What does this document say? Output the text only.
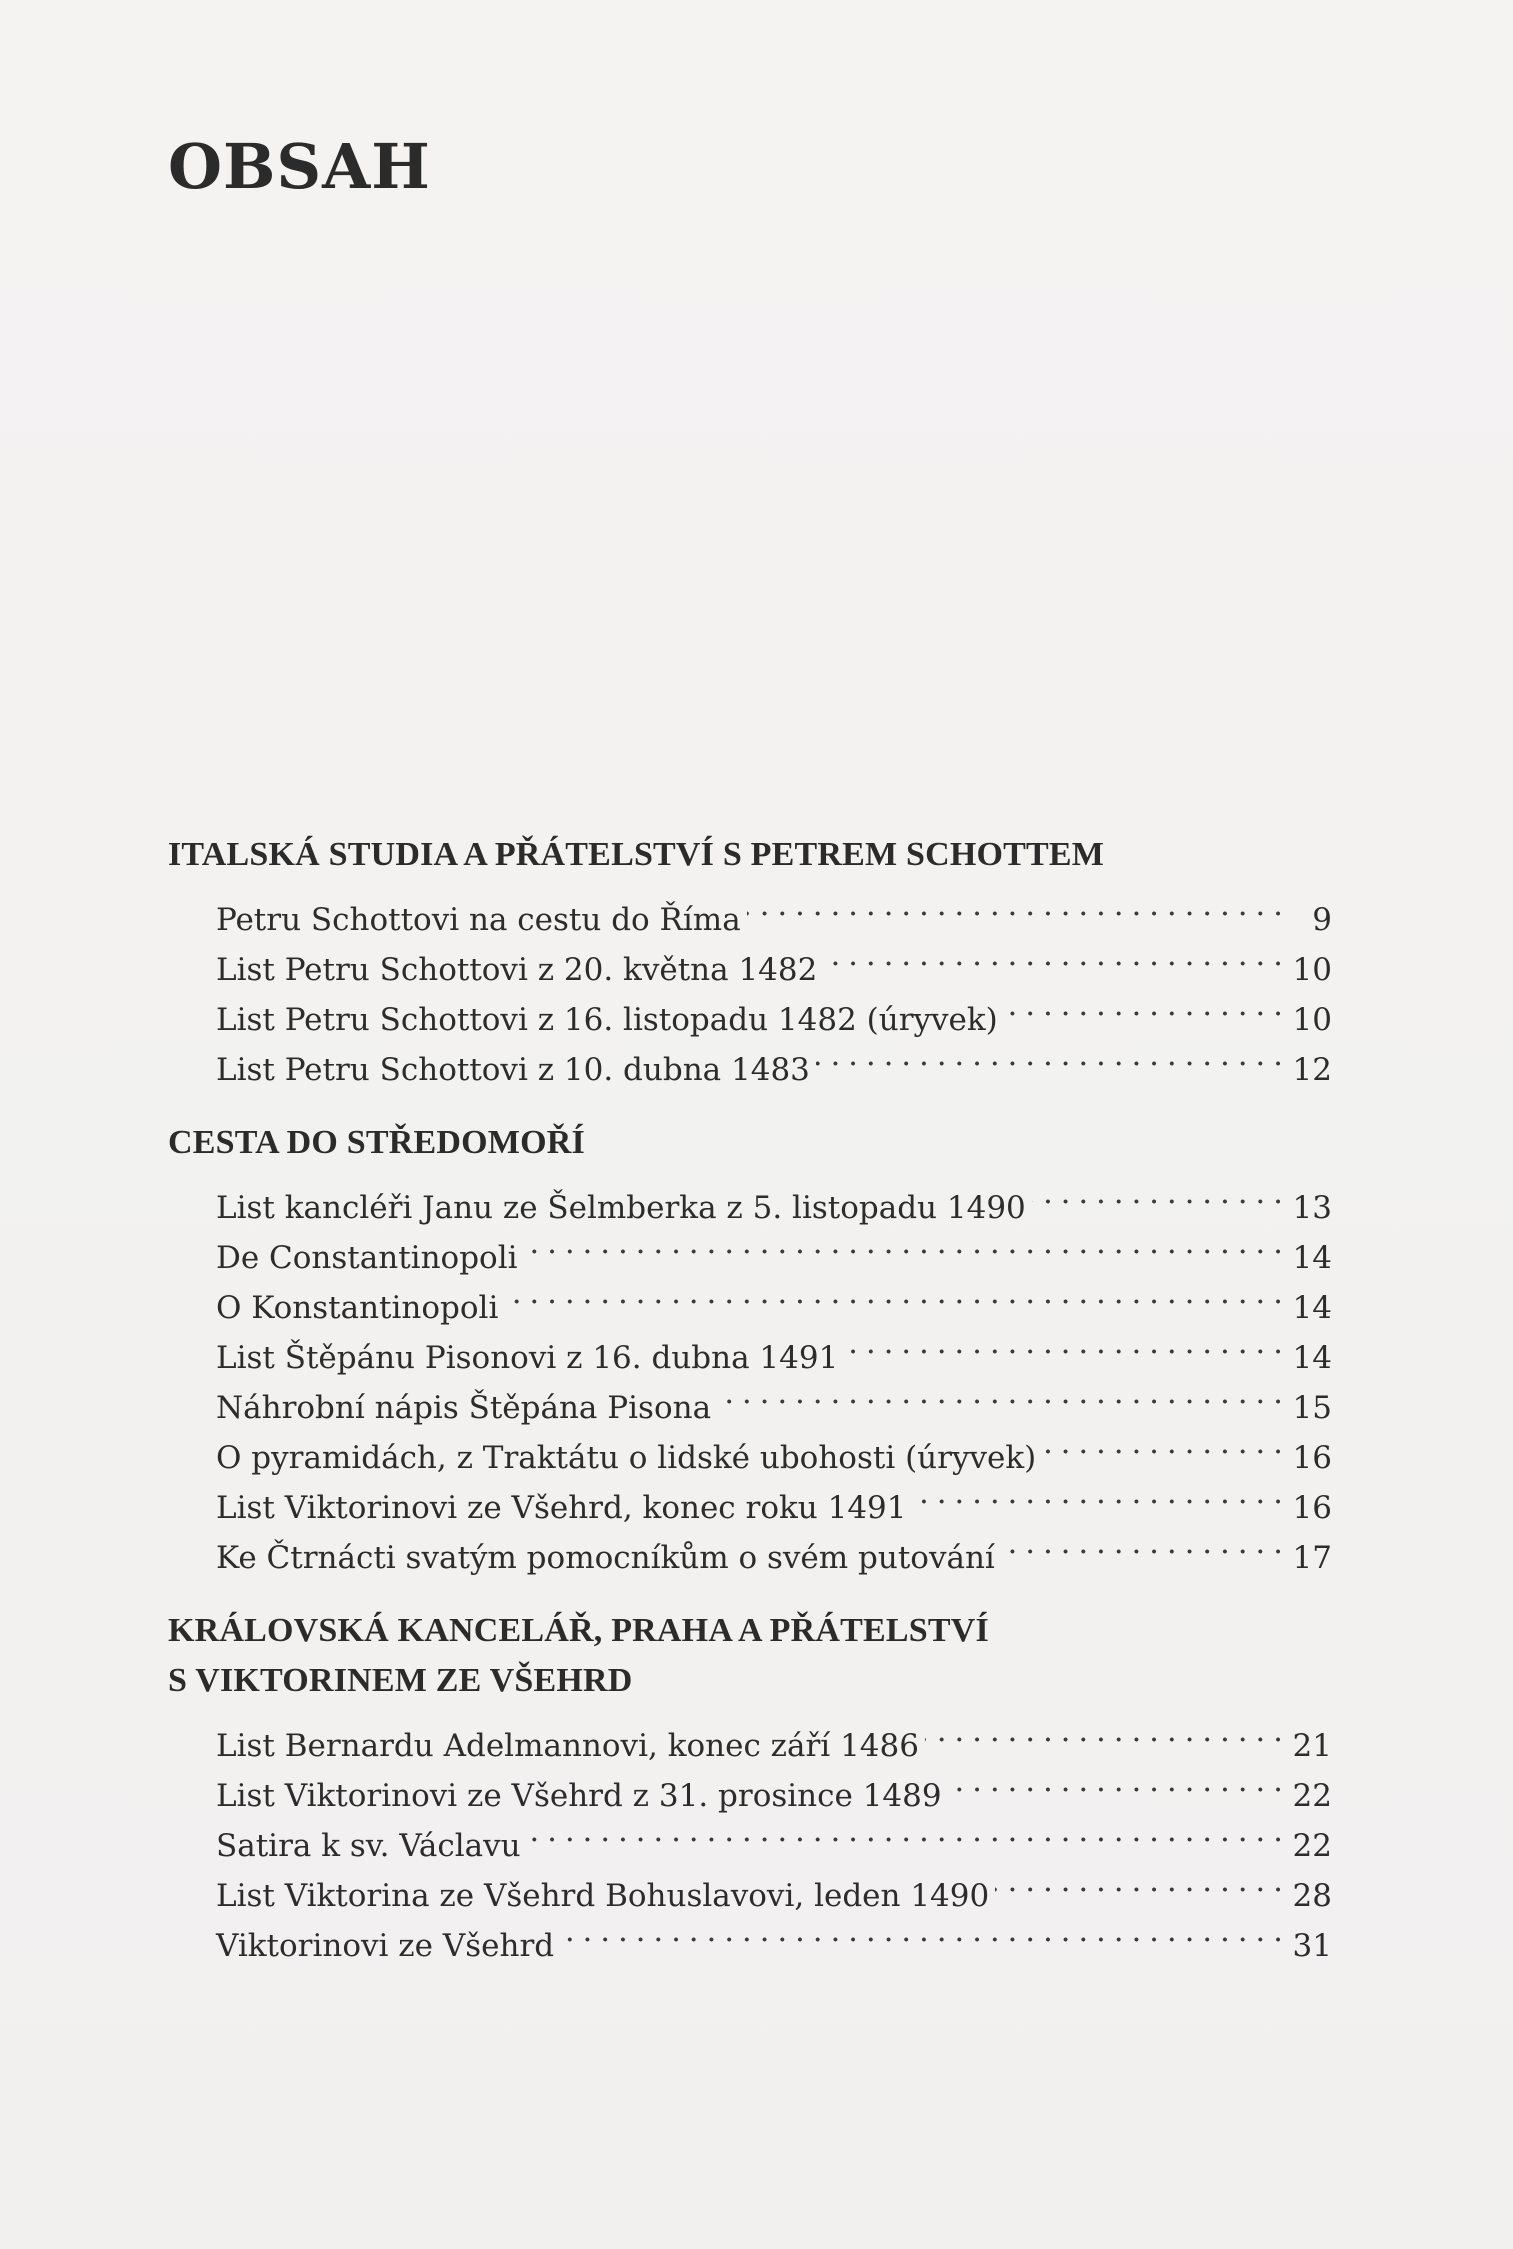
OBSAH
ITALSKÁ STUDIA A PŘÁTELSTVÍ S PETREM SCHOTTEM
Petru Schottovi na cestu do Říma . . .	9
List Petru Schottovi z 20. května 1482 . . .	10
List Petru Schottovi z 16. listopadu 1482 (úryvek) . . .	10
List Petru Schottovi z 10. dubna 1483 . . .	12
CESTA DO STŘEDOMOŘÍ
List kancléři Janu ze Šelmberka z 5. listopadu 1490 . . .	13
De Constantinopoli . . .	14
O Konstantinopoli . . .	14
List Štěpánu Pisonovi z 16. dubna 1491 . . .	14
Náhrobní nápis Štěpána Pisona . . .	15
O pyramidách, z Traktátu o lidské ubohosti (úryvek) . . .	16
List Viktorinovi ze Všehrd, konec roku 1491 . . .	16
Ke Čtrnácti svatým pomocníkům o svém putování . . .	17
KRÁLOVSKÁ KANCELÁŘ, PRAHA A PŘÁTELSTVÍ
S VIKTORINEM ZE VŠEHRD
List Bernardu Adelmannovi, konec září 1486 . . .	21
List Viktorinovi ze Všehrd z 31. prosince 1489 . . .	22
Satira k sv. Václavu . . .	22
List Viktorina ze Všehrd Bohuslavovi, leden 1490 . . .	28
Viktorinovi ze Všehrd . . .	31
